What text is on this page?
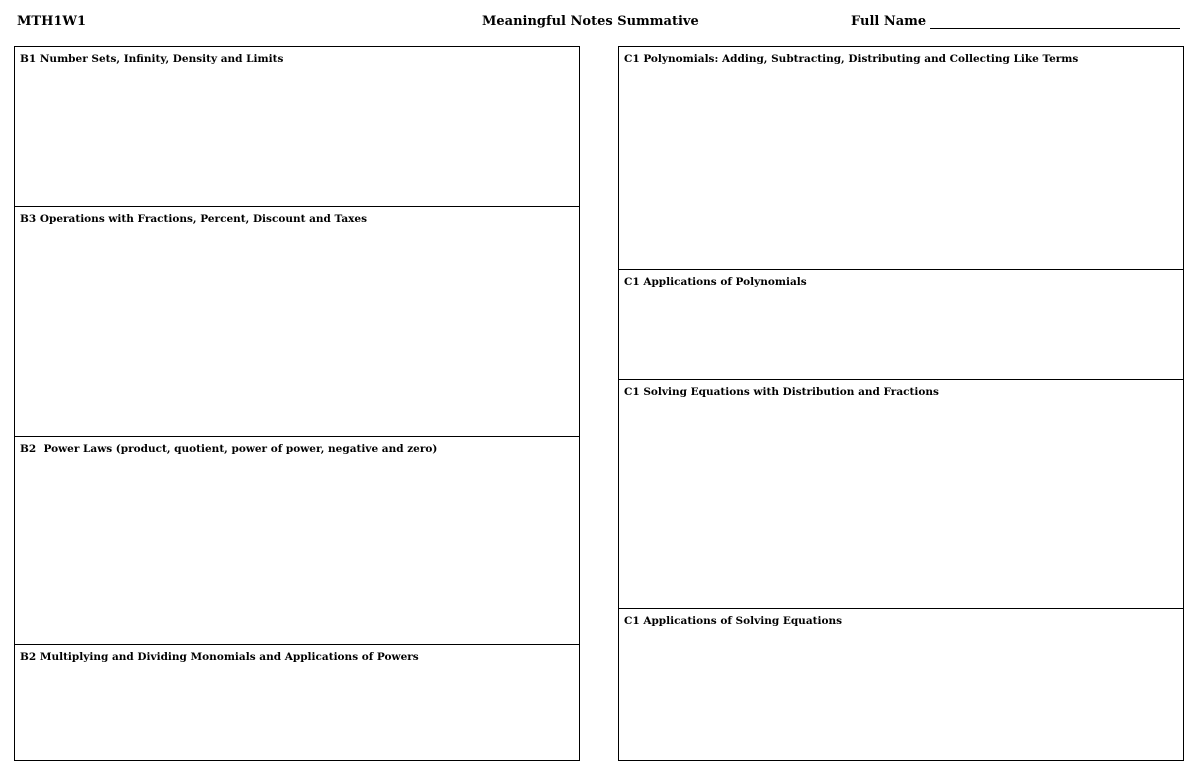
MTH1W1	Meaningful Notes Summative	Full Name
B1 Number Sets, Infinity, Density and Limits
B3 Operations with Fractions, Percent, Discount and Taxes
B2  Power Laws (product, quotient, power of power, negative and zero)
B2 Multiplying and Dividing Monomials and Applications of Powers
C1 Polynomials: Adding, Subtracting, Distributing and Collecting Like Terms
C1 Applications of Polynomials
C1 Solving Equations with Distribution and Fractions
C1 Applications of Solving Equations
